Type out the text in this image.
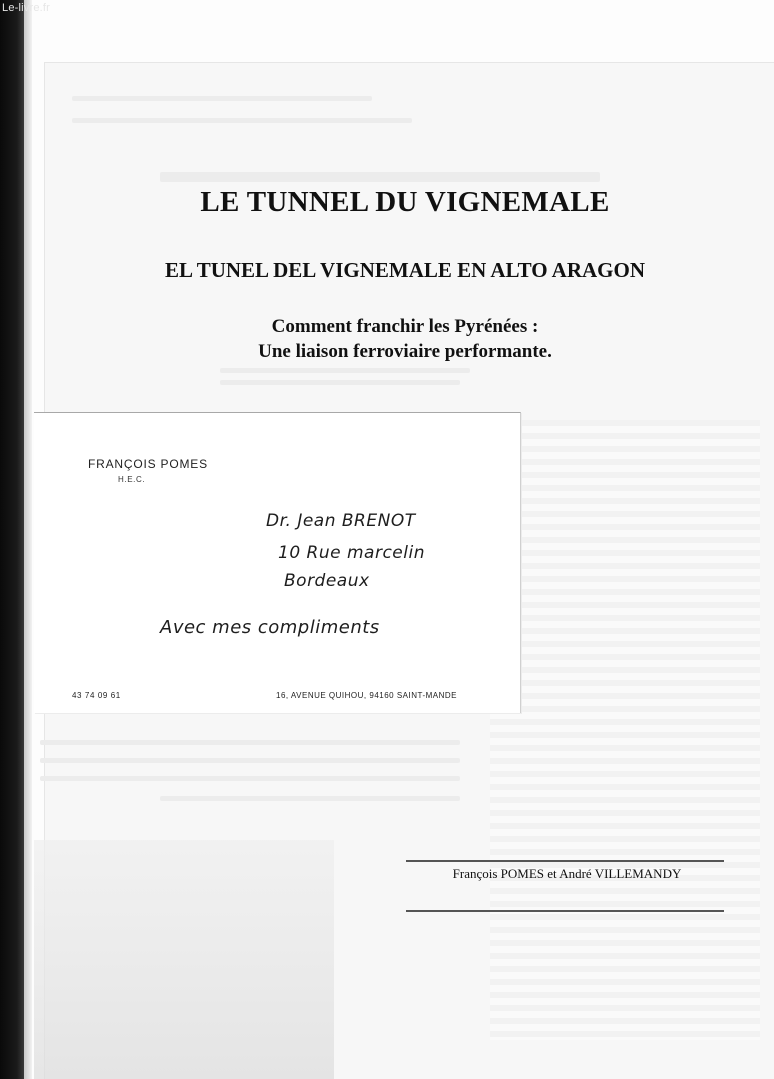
Le-livre.fr
LE TUNNEL DU VIGNEMALE
EL TUNEL DEL VIGNEMALE EN ALTO ARAGON
Comment franchir les Pyrénées :
Une liaison ferroviaire performante.
FRANÇOIS POMES
H.E.C.
Dr. Jean BRENOT
10 Rue marcelin
Bordeaux
Avec mes compliments
43 74 09 61	16, AVENUE QUIHOU, 94160 SAINT-MANDE
François POMES et André VILLEMANDY
